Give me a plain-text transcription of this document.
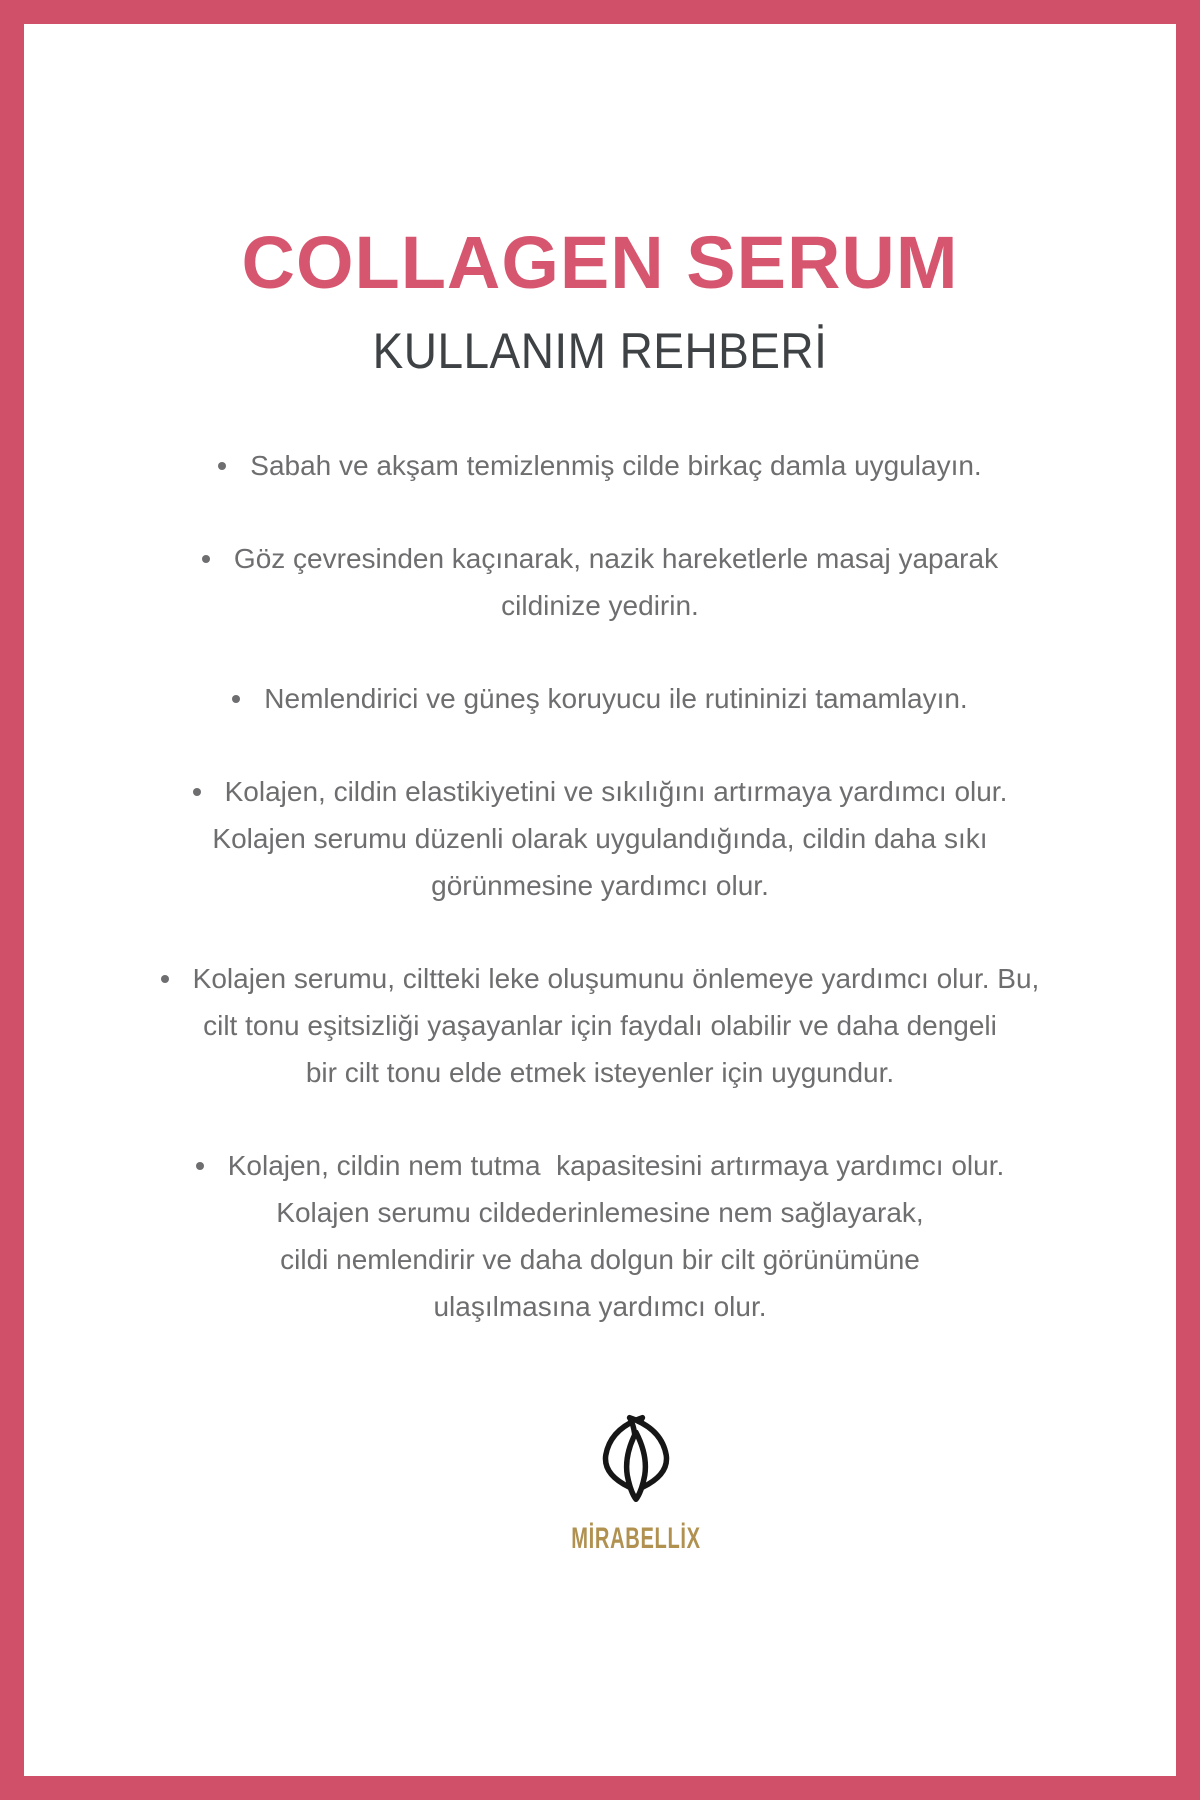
COLLAGEN SERUM
KULLANIM REHBERİ

Sabah ve akşam temizlenmiş cilde birkaç damla uygulayın.

Göz çevresinden kaçınarak, nazik hareketlerle masaj yaparak
cildinize yedirin.

Nemlendirici ve güneş koruyucu ile rutininizi tamamlayın.

Kolajen, cildin elastikiyetini ve sıkılığını artırmaya yardımcı olur.
Kolajen serumu düzenli olarak uygulandığında, cildin daha sıkı
görünmesine yardımcı olur.

Kolajen serumu, ciltteki leke oluşumunu önlemeye yardımcı olur. Bu,
cilt tonu eşitsizliği yaşayanlar için faydalı olabilir ve daha dengeli
bir cilt tonu elde etmek isteyenler için uygundur.

Kolajen, cildin nem tutma  kapasitesini artırmaya yardımcı olur.
Kolajen serumu cildederinlemesine nem sağlayarak,
cildi nemlendirir ve daha dolgun bir cilt görünümüne
ulaşılmasına yardımcı olur.

MİRABELLİX
